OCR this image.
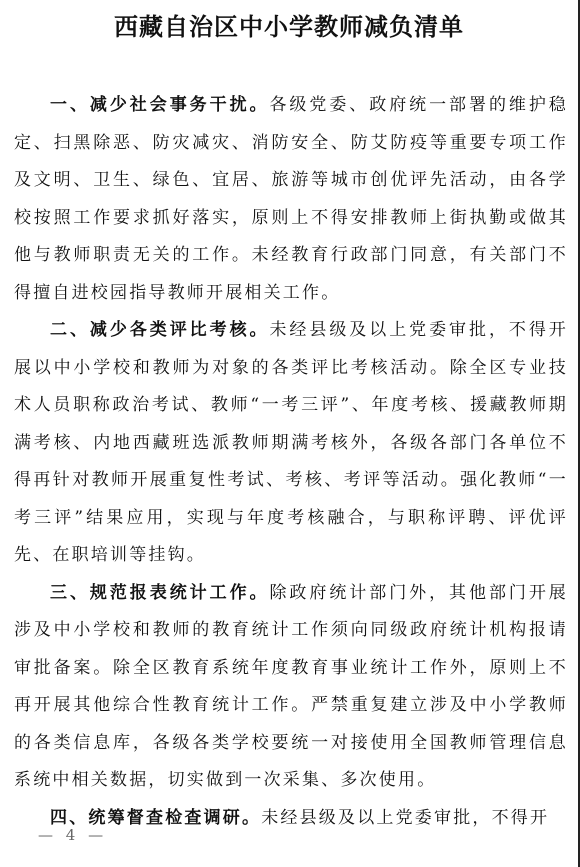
西藏自治区中小学教师减负清单

一、减少社会事务干扰。各级党委、政府统一部署的维护稳定、扫黑除恶、防灾减灾、消防安全、防艾防疫等重要专项工作及文明、卫生、绿色、宜居、旅游等城市创优评先活动，由各学校按照工作要求抓好落实，原则上不得安排教师上街执勤或做其他与教师职责无关的工作。未经教育行政部门同意，有关部门不得擅自进校园指导教师开展相关工作。

二、减少各类评比考核。未经县级及以上党委审批，不得开展以中小学校和教师为对象的各类评比考核活动。除全区专业技术人员职称政治考试、教师“一考三评”、年度考核、援藏教师期满考核、内地西藏班选派教师期满考核外，各级各部门各单位不得再针对教师开展重复性考试、考核、考评等活动。强化教师“一考三评”结果应用，实现与年度考核融合，与职称评聘、评优评先、在职培训等挂钩。

三、规范报表统计工作。除政府统计部门外，其他部门开展涉及中小学校和教师的教育统计工作须向同级政府统计机构报请审批备案。除全区教育系统年度教育事业统计工作外，原则上不再开展其他综合性教育统计工作。严禁重复建立涉及中小学教师的各类信息库，各级各类学校要统一对接使用全国教师管理信息系统中相关数据，切实做到一次采集、多次使用。

四、统筹督查检查调研。未经县级及以上党委审批，不得开

— 4 —
